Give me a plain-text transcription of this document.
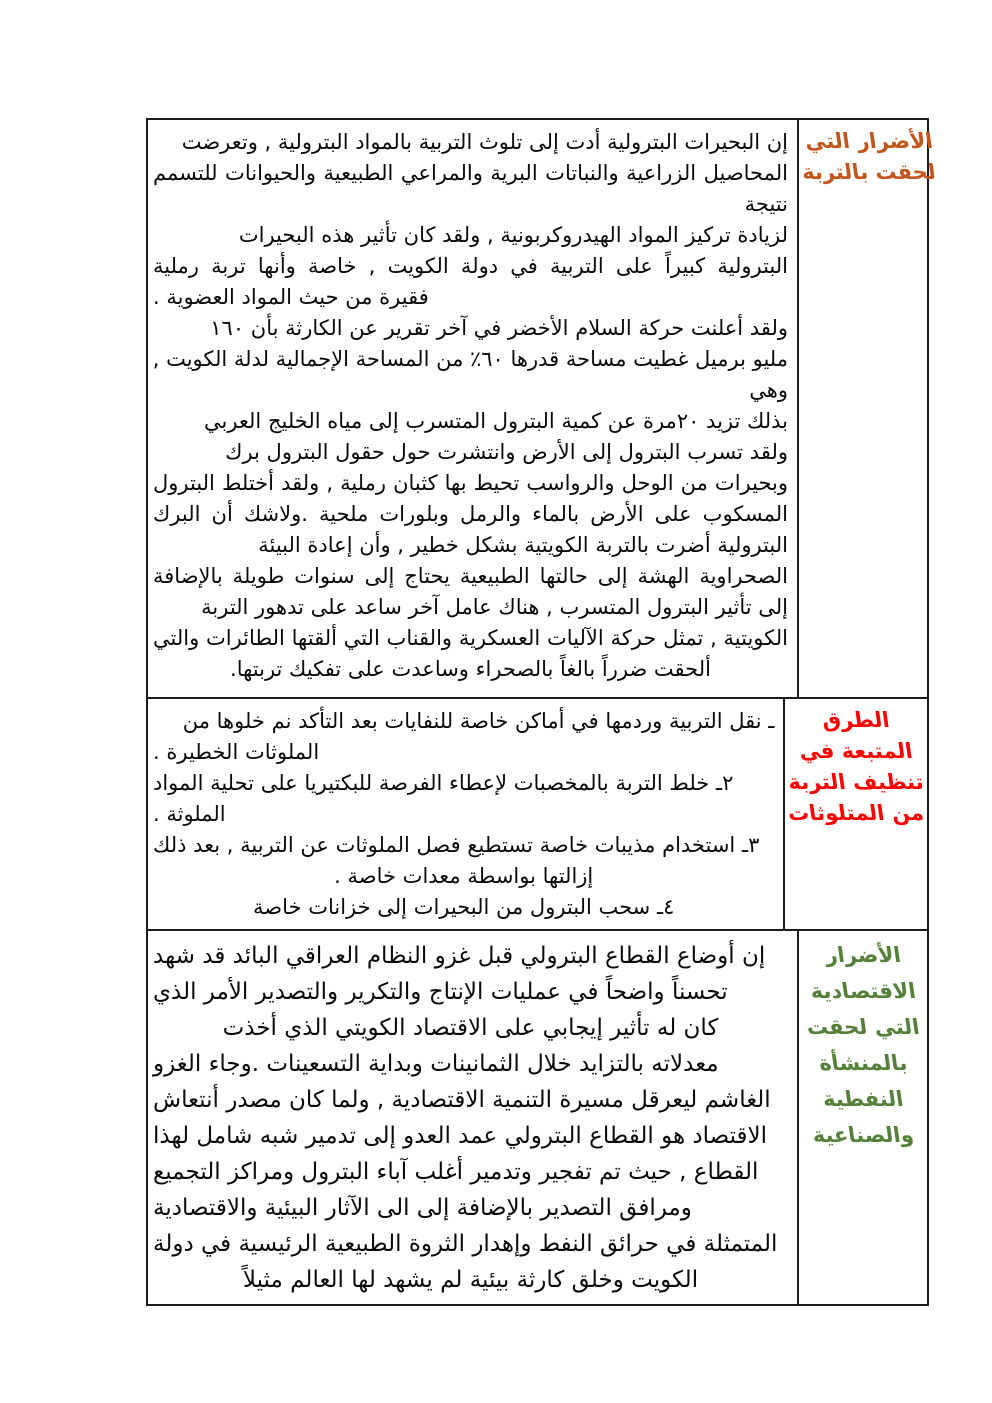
إن البحيرات البترولية أدت إلى تلوث التربية بالمواد البترولية , وتعرضت
المحاصيل الزراعية والنباتات البرية والمراعي الطبيعية والحيوانات للتسمم
نتيجة
لزيادة تركيز المواد الهيدروكربونية , ولقد كان تأثير هذه البحيرات
البترولية كبيراً على التربية في دولة الكويت , خاصة وأنها تربة رملية
فقيرة من حيث المواد العضوية .
ولقد أعلنت حركة السلام الأخضر في آخر تقرير عن الكارثة بأن ١٦٠
مليو برميل غطيت مساحة قدرها ٦٠٪ من المساحة الإجمالية لدلة الكويت ,
وهي
بذلك تزيد ٢٠مرة عن كمية البترول المتسرب إلى مياه الخليج العربي
ولقد تسرب البترول إلى الأرض وانتشرت حول حقول البترول برك
وبحيرات من الوحل والرواسب تحيط بها كثبان رملية , ولقد أختلط البترول
المسكوب على الأرض بالماء والرمل وبلورات ملحية .ولاشك أن البرك
البترولية أضرت بالتربة الكويتية بشكل خطير , وأن إعادة البيئة
الصحراوية الهشة إلى حالتها الطبيعية يحتاج إلى سنوات طويلة بالإضافة
إلى تأثير البترول المتسرب , هناك عامل آخر ساعد على تدهور التربة
الكويتية , تمثل حركة الآليات العسكرية والقناب التي ألقتها الطائرات والتي
ألحقت ضرراً بالغاً بالصحراء وساعدت على تفكيك تربتها.
الأضرار التي
لحقت بالتربة
ـ نقل التربية وردمها في أماكن خاصة للنفايات بعد التأكد نم خلوها من
الملوثات الخطيرة .
٢ـ خلط التربة بالمخصبات لإعطاء الفرصة للبكتيريا على تحلية المواد
الملوثة .
٣ـ استخدام مذيبات خاصة تستطيع فصل الملوثات عن التربية , بعد ذلك
إزالتها بواسطة معدات خاصة .
٤ـ سحب البترول من البحيرات إلى خزانات خاصة
الطرق
المتبعة في
تنظيف التربة
من المتلوثات
إن أوضاع القطاع البترولي قبل غزو النظام العراقي البائد قد شهد
تحسناً واضحاً في عمليات الإنتاج والتكرير والتصدير الأمر الذي
كان له تأثير إيجابي على الاقتصاد الكويتي الذي أخذت
معدلاته بالتزايد خلال الثمانينات وبداية التسعينات .وجاء الغزو
الغاشم ليعرقل مسيرة التنمية الاقتصادية , ولما كان مصدر أنتعاش
الاقتصاد هو القطاع البترولي عمد العدو إلى تدمير شبه شامل لهذا
القطاع , حيث تم تفجير وتدمير أغلب آباء البترول ومراكز التجميع
ومرافق التصدير بالإضافة إلى الى الآثار البيئية والاقتصادية
المتمثلة في حرائق النفط وإهدار الثروة الطبيعية الرئيسية في دولة
الكويت وخلق كارثة بيئية لم يشهد لها العالم مثيلاً
الأضرار
الاقتصادية
التي لحقت
بالمنشأة
النفطية
والصناعية
